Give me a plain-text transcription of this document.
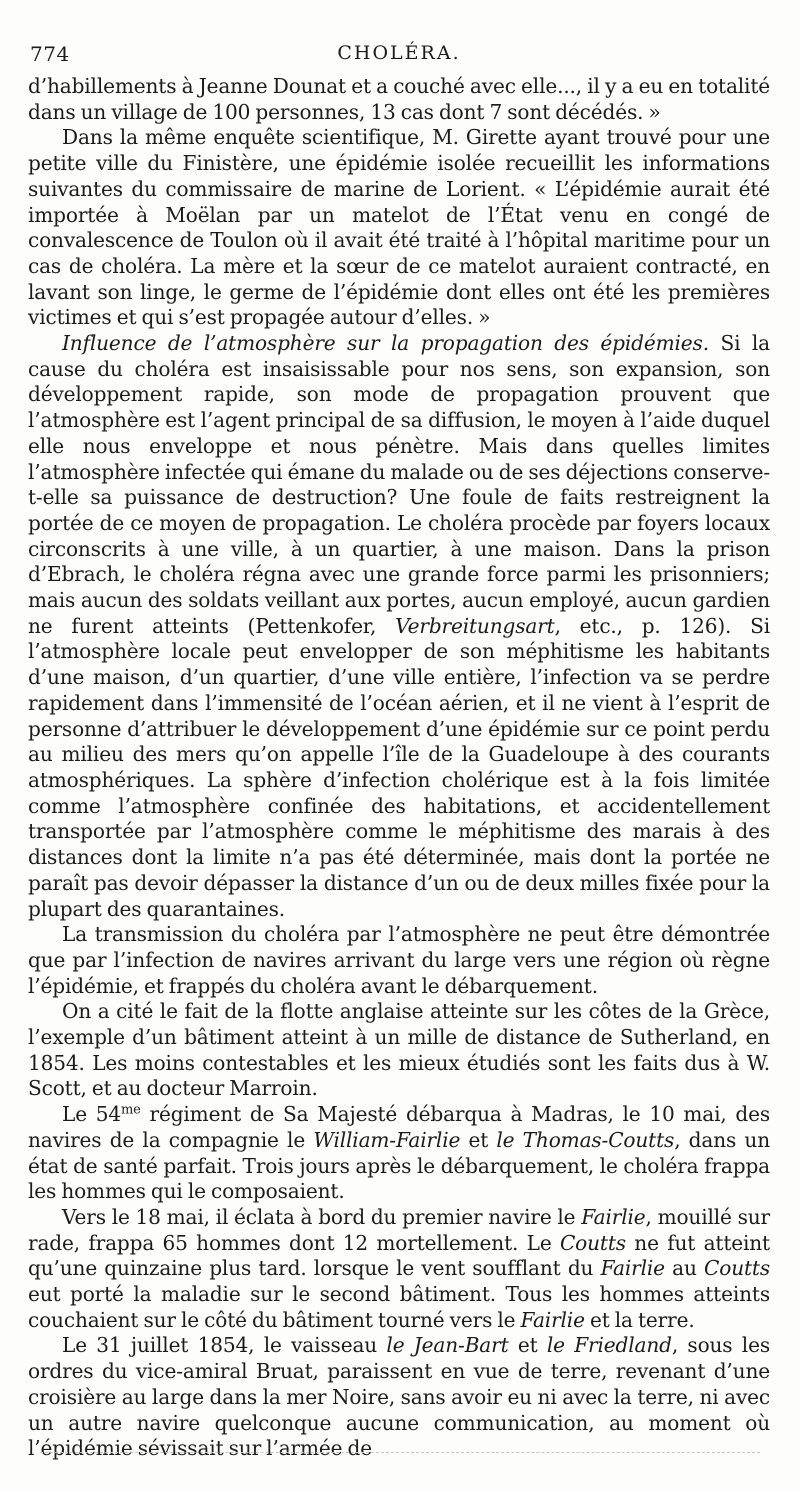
774	CHOLÉRA.

d’habillements à Jeanne Dounat et a couché avec elle..., il y a eu en totalité dans un village de 100 personnes, 13 cas dont 7 sont décédés. »

Dans la même enquête scientifique, M. Girette ayant trouvé pour une petite ville du Finistère, une épidémie isolée recueillit les informations suivantes du commissaire de marine de Lorient. « L’épidémie aurait été importée à Moëlan par un matelot de l’État venu en congé de convalescence de Toulon où il avait été traité à l’hôpital maritime pour un cas de choléra. La mère et la sœur de ce matelot auraient contracté, en lavant son linge, le germe de l’épidémie dont elles ont été les premières victimes et qui s’est propagée autour d’elles. »

Influence de l’atmosphère sur la propagation des épidémies. Si la cause du choléra est insaisissable pour nos sens, son expansion, son développement rapide, son mode de propagation prouvent que l’atmosphère est l’agent principal de sa diffusion, le moyen à l’aide duquel elle nous enveloppe et nous pénètre. Mais dans quelles limites l’atmosphère infectée qui émane du malade ou de ses déjections conserve-t-elle sa puissance de destruction? Une foule de faits restreignent la portée de ce moyen de propagation. Le choléra procède par foyers locaux circonscrits à une ville, à un quartier, à une maison. Dans la prison d’Ebrach, le choléra régna avec une grande force parmi les prisonniers; mais aucun des soldats veillant aux portes, aucun employé, aucun gardien ne furent atteints (Pettenkofer, Verbreitungsart, etc., p. 126). Si l’atmosphère locale peut envelopper de son méphitisme les habitants d’une maison, d’un quartier, d’une ville entière, l’infection va se perdre rapidement dans l’immensité de l’océan aérien, et il ne vient à l’esprit de personne d’attribuer le développement d’une épidémie sur ce point perdu au milieu des mers qu’on appelle l’île de la Guadeloupe à des courants atmosphériques. La sphère d’infection cholérique est à la fois limitée comme l’atmosphère confinée des habitations, et accidentellement transportée par l’atmosphère comme le méphitisme des marais à des distances dont la limite n’a pas été déterminée, mais dont la portée ne paraît pas devoir dépasser la distance d’un ou de deux milles fixée pour la plupart des quarantaines.

La transmission du choléra par l’atmosphère ne peut être démontrée que par l’infection de navires arrivant du large vers une région où règne l’épidémie, et frappés du choléra avant le débarquement.

On a cité le fait de la flotte anglaise atteinte sur les côtes de la Grèce, l’exemple d’un bâtiment atteint à un mille de distance de Sutherland, en 1854. Les moins contestables et les mieux étudiés sont les faits dus à W. Scott, et au docteur Marroin.

Le $54^{me}$ régiment de Sa Majesté débarqua à Madras, le 10 mai, des navires de la compagnie le William-Fairlie et le Thomas-Coutts, dans un état de santé parfait. Trois jours après le débarquement, le choléra frappa les hommes qui le composaient.

Vers le 18 mai, il éclata à bord du premier navire le Fairlie, mouillé sur rade, frappa 65 hommes dont 12 mortellement. Le Coutts ne fut atteint qu’une quinzaine plus tard. lorsque le vent soufflant du Fairlie au Coutts eut porté la maladie sur le second bâtiment. Tous les hommes atteints couchaient sur le côté du bâtiment tourné vers le Fairlie et la terre.

Le 31 juillet 1854, le vaisseau le Jean-Bart et le Friedland, sous les ordres du vice-amiral Bruat, paraissent en vue de terre, revenant d’une croisière au large dans la mer Noire, sans avoir eu ni avec la terre, ni avec un autre navire quelconque aucune communication, au moment où l’épidémie sévissait sur l’armée de
